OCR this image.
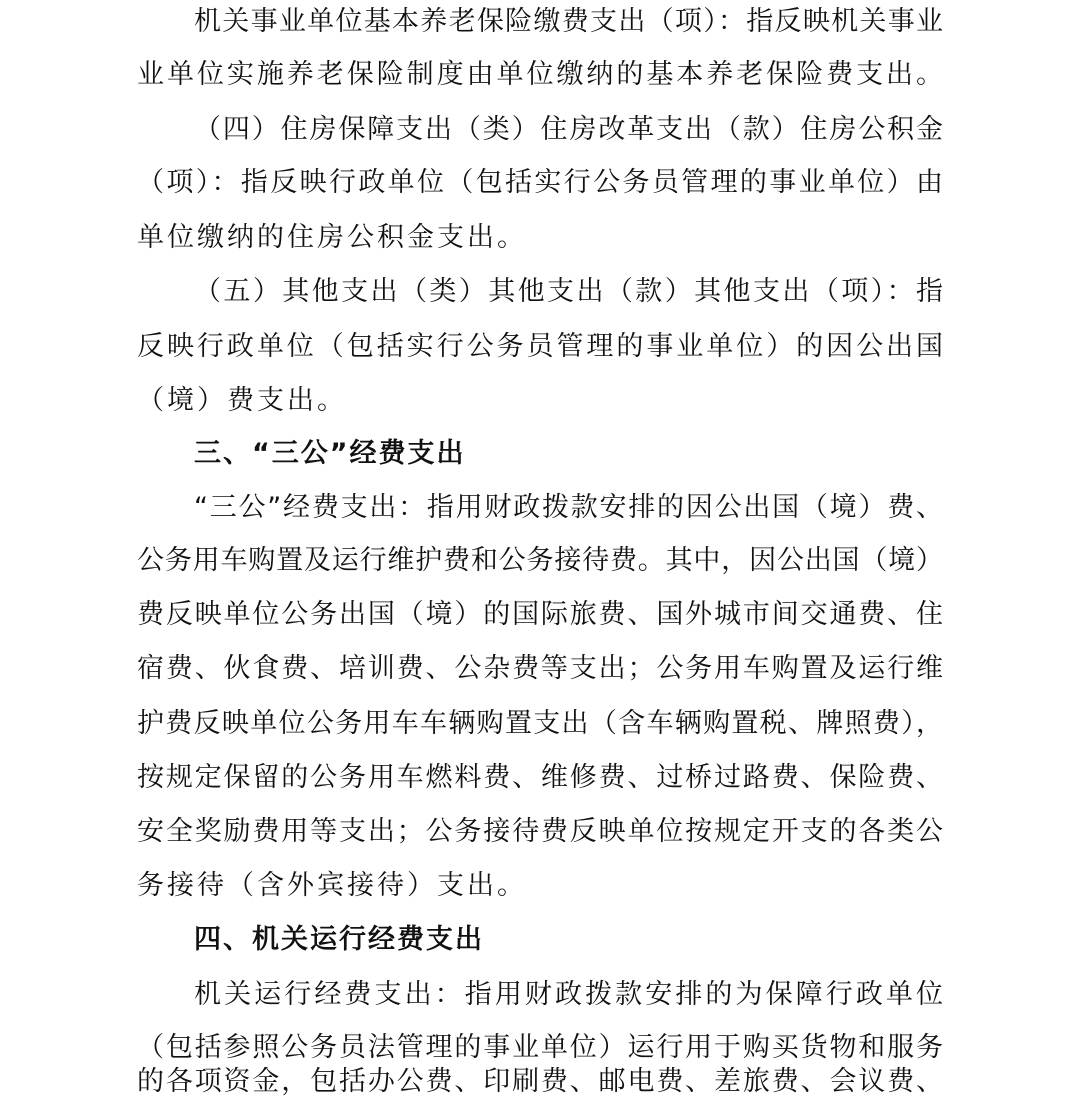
机关事业单位基本养老保险缴费支出（项）：指反映机关事业
业单位实施养老保险制度由单位缴纳的基本养老保险费支出。
（四）住房保障支出（类）住房改革支出（款）住房公积金
（项）：指反映行政单位（包括实行公务员管理的事业单位）由
单位缴纳的住房公积金支出。
（五）其他支出（类）其他支出（款）其他支出（项）：指
反映行政单位（包括实行公务员管理的事业单位）的因公出国
（境）费支出。
三、“三公”经费支出
“三公”经费支出：指用财政拨款安排的因公出国（境）费、
公务用车购置及运行维护费和公务接待费。其中，因公出国（境）
费反映单位公务出国（境）的国际旅费、国外城市间交通费、住
宿费、伙食费、培训费、公杂费等支出；公务用车购置及运行维
护费反映单位公务用车车辆购置支出（含车辆购置税、牌照费），
按规定保留的公务用车燃料费、维修费、过桥过路费、保险费、
安全奖励费用等支出；公务接待费反映单位按规定开支的各类公
务接待（含外宾接待）支出。
四、机关运行经费支出
机关运行经费支出：指用财政拨款安排的为保障行政单位
（包括参照公务员法管理的事业单位）运行用于购买货物和服务
的各项资金，包括办公费、印刷费、邮电费、差旅费、会议费、
